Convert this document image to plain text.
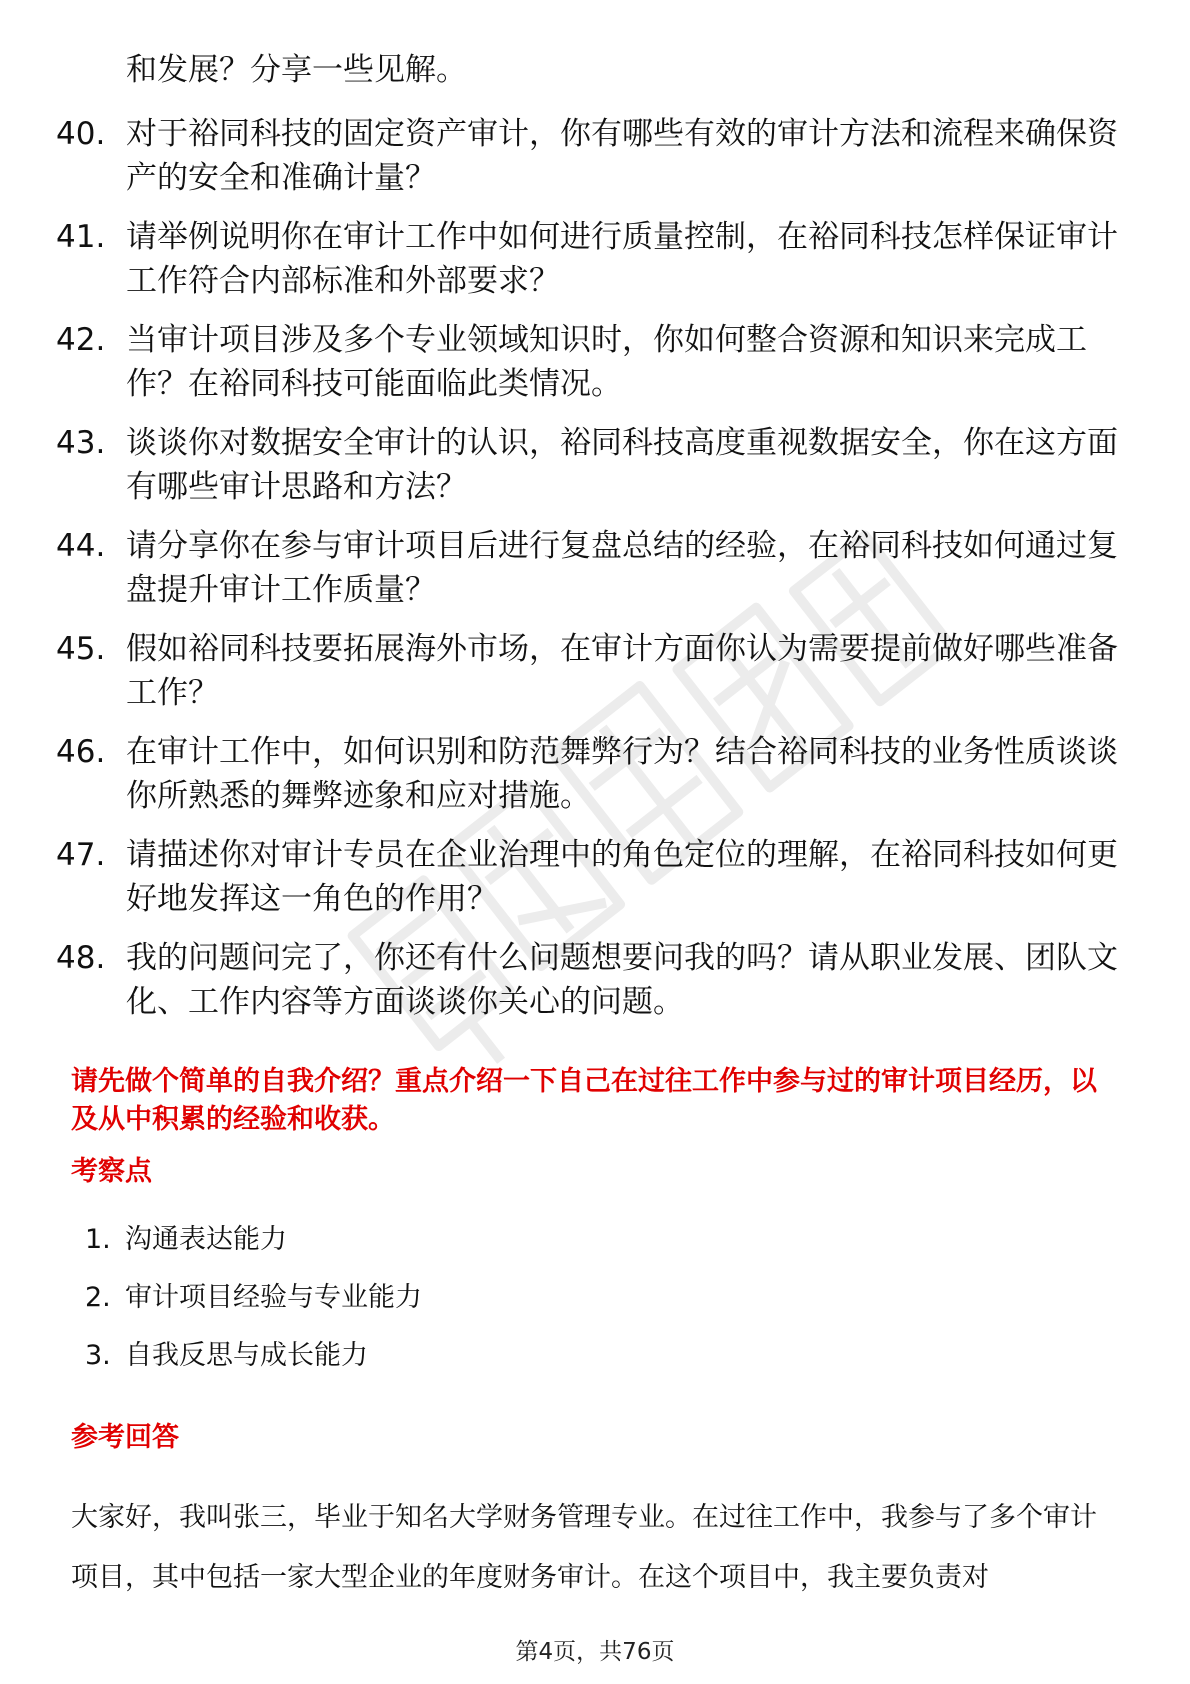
和发展？分享一些见解。
40. 对于裕同科技的固定资产审计，你有哪些有效的审计方法和流程来确保资产的安全和准确计量？
41. 请举例说明你在审计工作中如何进行质量控制，在裕同科技怎样保证审计工作符合内部标准和外部要求？
42. 当审计项目涉及多个专业领域知识时，你如何整合资源和知识来完成工作？在裕同科技可能面临此类情况。
43. 谈谈你对数据安全审计的认识，裕同科技高度重视数据安全，你在这方面有哪些审计思路和方法？
44. 请分享你在参与审计项目后进行复盘总结的经验，在裕同科技如何通过复盘提升审计工作质量？
45. 假如裕同科技要拓展海外市场，在审计方面你认为需要提前做好哪些准备工作？
46. 在审计工作中，如何识别和防范舞弊行为？结合裕同科技的业务性质谈谈你所熟悉的舞弊迹象和应对措施。
47. 请描述你对审计专员在企业治理中的角色定位的理解，在裕同科技如何更好地发挥这一角色的作用？
48. 我的问题问完了，你还有什么问题想要问我的吗？请从职业发展、团队文化、工作内容等方面谈谈你关心的问题。
请先做个简单的自我介绍？重点介绍一下自己在过往工作中参与过的审计项目经历，以及从中积累的经验和收获。
考察点
1. 沟通表达能力
2. 审计项目经验与专业能力
3. 自我反思与成长能力
参考回答
大家好，我叫张三，毕业于知名大学财务管理专业。在过往工作中，我参与了多个审计项目，其中包括一家大型企业的年度财务审计。在这个项目中，我主要负责对
第4页，共76页
